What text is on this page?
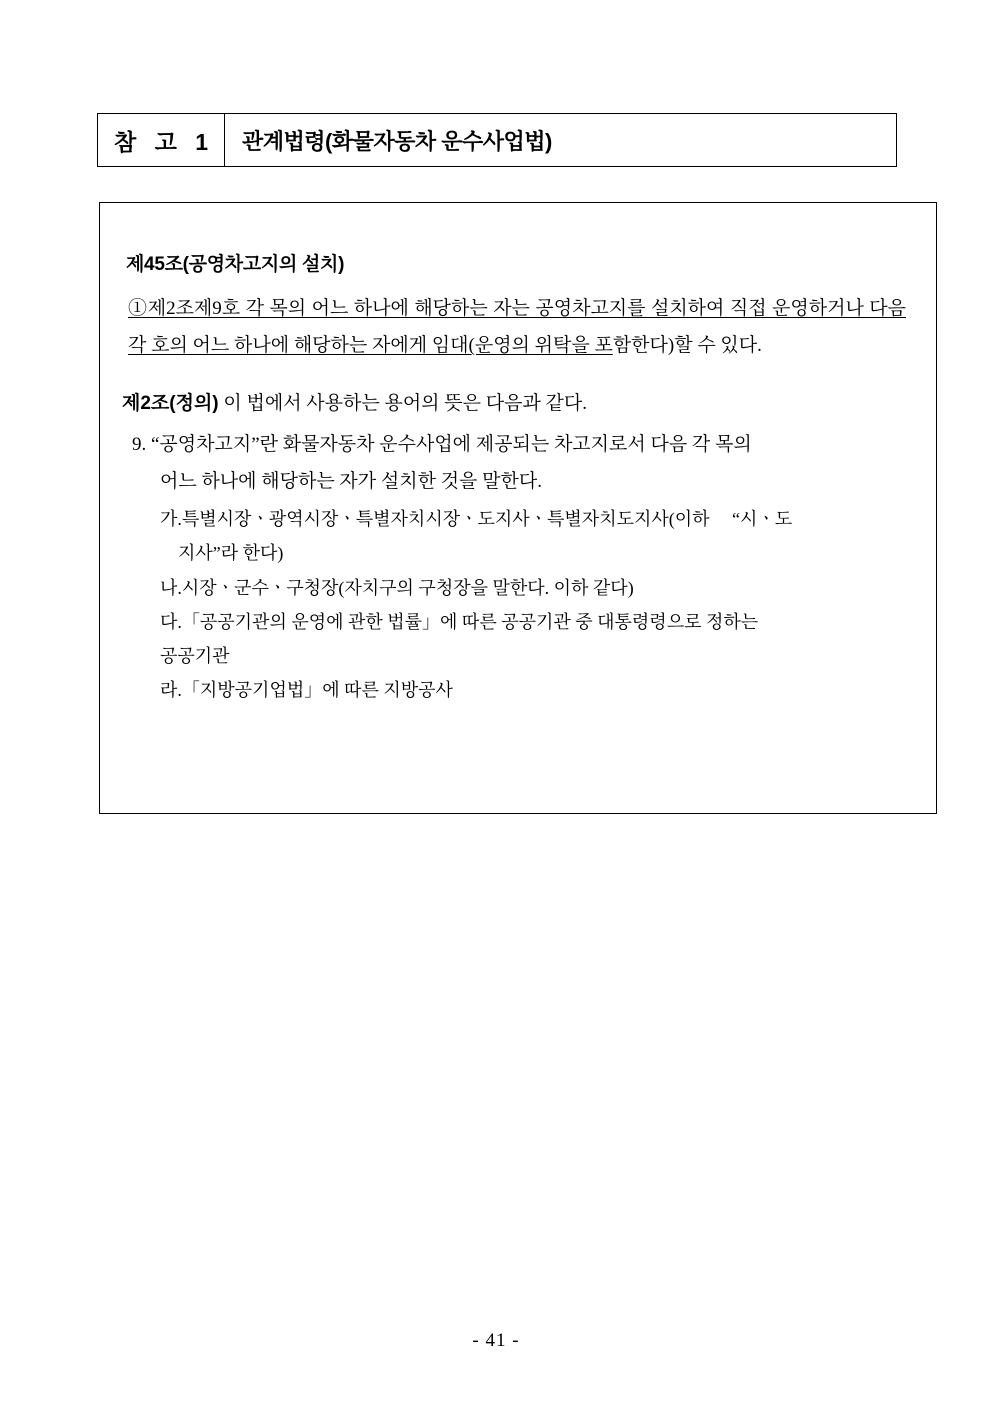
참 고 1	관계법령(화물자동차 운수사업법)
제45조(공영차고지의 설치)

①제2조제9호 각 목의 어느 하나에 해당하는 자는 공영차고지를 설치하여 직접 운영하거나 다음 각 호의 어느 하나에 해당하는 자에게 임대(운영의 위탁을 포함한다)할 수 있다.

제2조(정의) 이 법에서 사용하는 용어의 뜻은 다음과 같다.

9. “공영차고지”란 화물자동차 운수사업에 제공되는 차고지로서 다음 각 목의
어느 하나에 해당하는 자가 설치한 것을 말한다.

가.특별시장ㆍ광역시장ㆍ특별자치시장ㆍ도지사ㆍ특별자치도지사(이하 　“시ㆍ도
지사”라 한다)

나.시장ㆍ군수ㆍ구청장(자치구의 구청장을 말한다. 이하 같다)

다.「공공기관의 운영에 관한 법률」에 따른 공공기관 중 대통령령으로 정하는
공공기관

라.「지방공기업법」에 따른 지방공사

- 41 -
